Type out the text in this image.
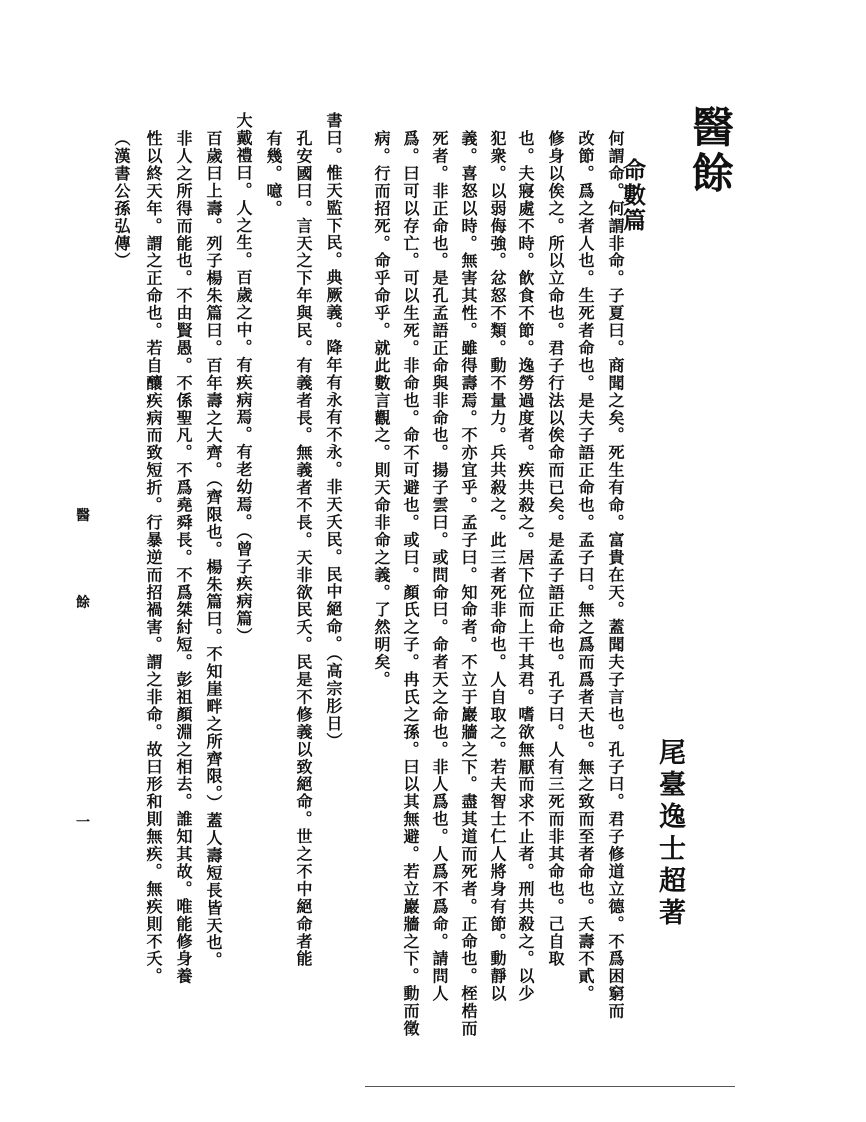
醫餘
尾臺逸士超著
命數篇
何謂命。何謂非命。子夏曰。商聞之矣。死生有命。富貴在天。蓋聞夫子言也。孔子曰。君子修道立德。不爲困窮而
改節。爲之者人也。生死者命也。是夫子語正命也。孟子曰。無之爲而爲者天也。無之致而至者命也。夭壽不貳。
修身以俟之。所以立命也。君子行法以俟命而已矣。是孟子語正命也。孔子曰。人有三死而非其命也。己自取
也。夫寢處不時。飮食不節。逸勞過度者。疾共殺之。居下位而上干其君。嗜欲無厭而求不止者。刑共殺之。以少
犯衆。以弱侮強。忿怒不類。動不量力。兵共殺之。此三者死非命也。人自取之。若夫智士仁人將身有節。動靜以
義。喜怒以時。無害其性。雖得壽焉。不亦宜乎。孟子曰。知命者。不立于巖牆之下。盡其道而死者。正命也。桎梏而
死者。非正命也。是孔孟語正命與非命也。揚子雲曰。或問命曰。命者天之命也。非人爲也。人爲不爲命。請問人
爲。曰可以存亡。可以生死。非命也。命不可避也。或曰。顏氏之子。冉氏之孫。曰以其無避。若立巖牆之下。動而徵
病。行而招死。命乎命乎。就此數言觀之。則天命非命之義。了然明矣。
書曰。惟天監下民。典厥義。降年有永有不永。非天夭民。民中絕命。（高宗肜日）
孔安國曰。言天之下年與民。有義者長。無義者不長。天非欲民夭。民是不修義以致絕命。世之不中絕命者能
有幾。噫。
大戴禮曰。人之生。百歲之中。有疾病焉。有老幼焉。（曾子疾病篇）
百歲曰上壽。列子楊朱篇曰。百年壽之大齊。（齊限也。楊朱篇曰。不知崖畔之所齊限。）蓋人壽短長皆天也。
非人之所得而能也。不由賢愚。不係聖凡。不爲堯舜長。不爲桀紂短。彭祖顏淵之相去。誰知其故。唯能修身養
性以終天年。謂之正命也。若自釀疾病而致短折。行暴逆而招禍害。謂之非命。故曰形和則無疾。無疾則不夭。
（漢書公孫弘傳）
醫
餘
一
